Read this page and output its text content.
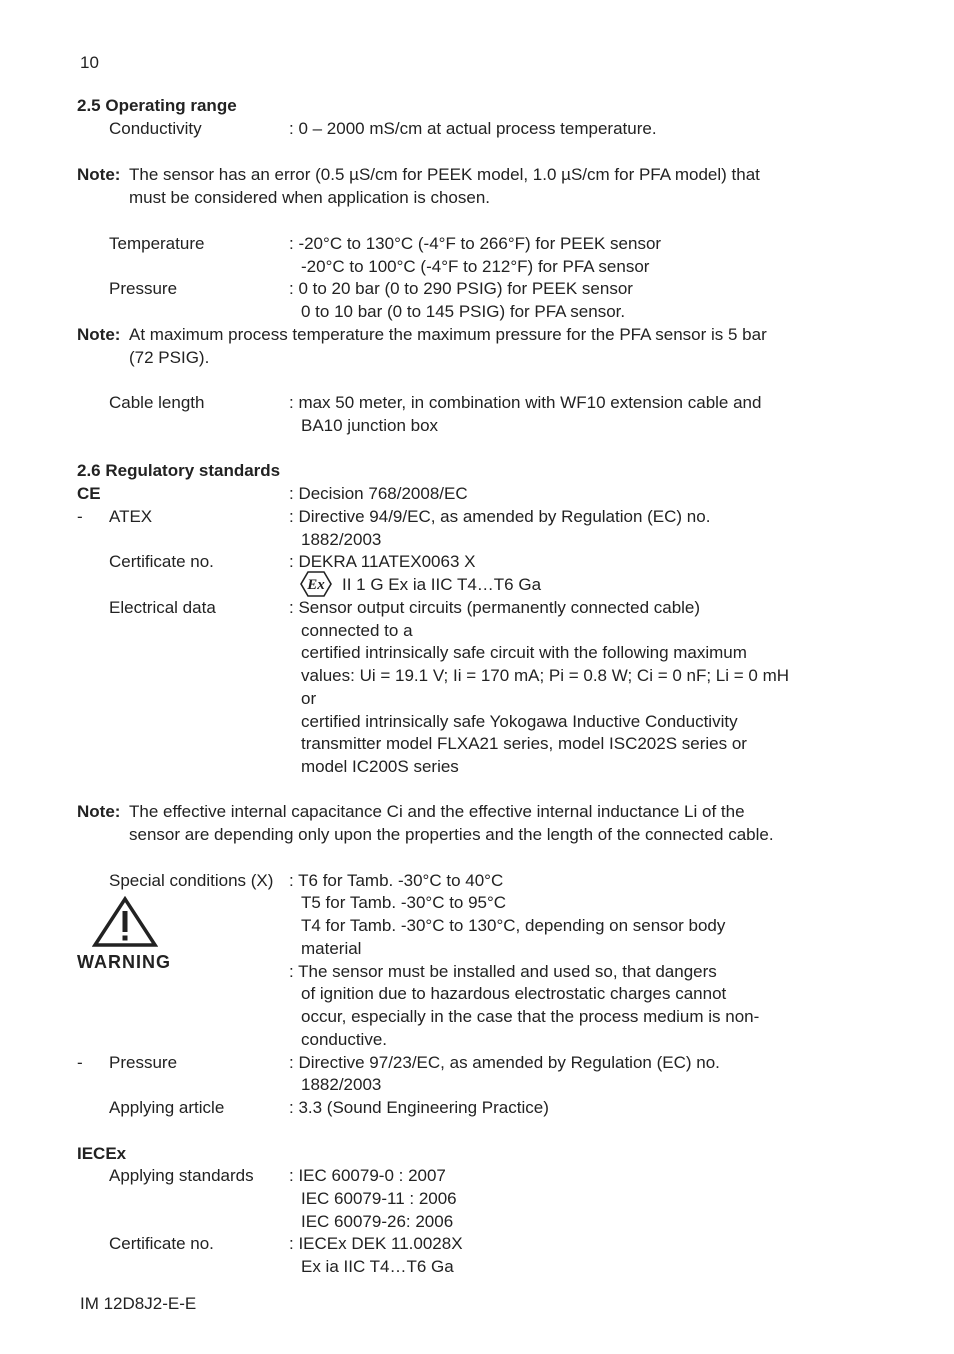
10
2.5 Operating range
Conductivity	: 0 – 2000 mS/cm at actual process temperature.
Note: The sensor has an error (0.5 µS/cm for PEEK model, 1.0 µS/cm for PFA model) that
must be considered when application is chosen.
Temperature	: -20°C to 130°C (-4°F to 266°F) for PEEK sensor
-20°C to 100°C (-4°F to 212°F) for PFA sensor
Pressure	: 0 to 20 bar (0 to 290 PSIG) for PEEK sensor
0 to 10 bar (0 to 145 PSIG) for PFA sensor.
Note: At maximum process temperature the maximum pressure for the PFA sensor is 5 bar
(72 PSIG).
Cable length	: max 50 meter, in combination with WF10 extension cable and
BA10 junction box
2.6 Regulatory standards
CE	: Decision 768/2008/EC
- ATEX	: Directive 94/9/EC, as amended by Regulation (EC) no.
1882/2003
Certificate no.	: DEKRA 11ATEX0063 X
Ex II 1 G Ex ia IIC T4…T6 Ga
Electrical data	: Sensor output circuits (permanently connected cable)
connected to a
certified intrinsically safe circuit with the following maximum
values: Ui = 19.1 V; Ii = 170 mA; Pi = 0.8 W; Ci = 0 nF; Li = 0 mH
or
certified intrinsically safe Yokogawa Inductive Conductivity
transmitter model FLXA21 series, model ISC202S series or
model IC200S series
Note: The effective internal capacitance Ci and the effective internal inductance Li of the
sensor are depending only upon the properties and the length of the connected cable.
Special conditions (X) : T6 for Tamb. -30°C to 40°C
T5 for Tamb. -30°C to 95°C
T4 for Tamb. -30°C to 130°C, depending on sensor body
material
: The sensor must be installed and used so, that dangers
of ignition due to hazardous electrostatic charges cannot
occur, especially in the case that the process medium is non-
conductive.
WARNING
- Pressure	: Directive 97/23/EC, as amended by Regulation (EC) no.
1882/2003
Applying article	: 3.3 (Sound Engineering Practice)
IECEx
Applying standards : IEC 60079-0 : 2007
IEC 60079-11 : 2006
IEC 60079-26: 2006
Certificate no.	: IECEx DEK 11.0028X
Ex ia IIC T4…T6 Ga
IM 12D8J2-E-E
